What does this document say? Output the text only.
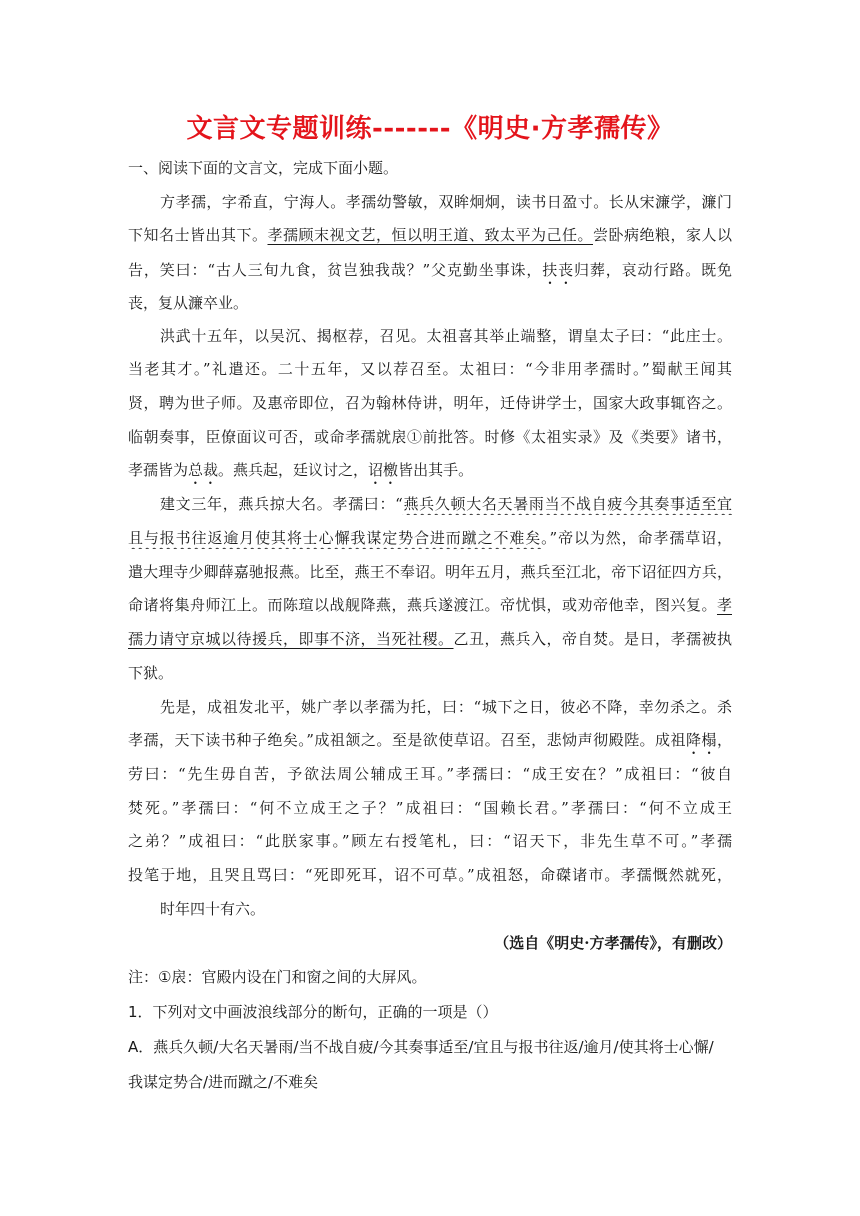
文言文专题训练-------《明史·方孝孺传》
一、阅读下面的文言文，完成下面小题。
方孝孺，字希直，宁海人。孝孺幼警敏，双眸炯炯，读书日盈寸。长从宋濂学，濂门
下知名士皆出其下。孝孺顾末视文艺，恒以明王道、致太平为己任。尝卧病绝粮，家人以
告，笑曰：“古人三旬九食，贫岂独我哉？”父克勤坐事诛，扶丧归葬，哀动行路。既免
丧，复从濂卒业。
洪武十五年，以吴沉、揭枢荐，召见。太祖喜其举止端整，谓皇太子曰：“此庄士。
当老其才。”礼遣还。二十五年，又以荐召至。太祖曰：“今非用孝孺时。”蜀献王闻其
贤，聘为世子师。及惠帝即位，召为翰林侍讲，明年，迁侍讲学士，国家大政事辄咨之。
临朝奏事，臣僚面议可否，或命孝孺就扆①前批答。时修《太祖实录》及《类要》诸书，
孝孺皆为总裁。燕兵起，廷议讨之，诏檄皆出其手。
建文三年，燕兵掠大名。孝孺曰：“燕兵久顿大名天暑雨当不战自疲今其奏事适至宜
且与报书往返逾月使其将士心懈我谋定势合进而蹴之不难矣。”帝以为然，命孝孺草诏，
遣大理寺少卿薛嘉驰报燕。比至，燕王不奉诏。明年五月，燕兵至江北，帝下诏征四方兵，
命诸将集舟师江上。而陈瑄以战舰降燕，燕兵遂渡江。帝忧惧，或劝帝他幸，图兴复。孝
孺力请守京城以待援兵，即事不济，当死社稷。乙丑，燕兵入，帝自焚。是日，孝孺被执
下狱。
先是，成祖发北平，姚广孝以孝孺为托，曰：“城下之日，彼必不降，幸勿杀之。杀
孝孺，天下读书种子绝矣。”成祖颔之。至是欲使草诏。召至，悲恸声彻殿陛。成祖降榻，
劳曰：“先生毋自苦，予欲法周公辅成王耳。”孝孺曰：“成王安在？”成祖曰：“彼自
焚死。”孝孺曰：“何不立成王之子？”成祖曰：“国赖长君。”孝孺曰：“何不立成王
之弟？”成祖曰：“此朕家事。”顾左右授笔札，曰：“诏天下，非先生草不可。”孝孺
投笔于地，且哭且骂曰：“死即死耳，诏不可草。”成祖怒，命磔诸市。孝孺慨然就死，
时年四十有六。
（选自《明史·方孝孺传》，有删改）
注：①扆：官殿内设在门和窗之间的大屏风。
1．下列对文中画波浪线部分的断句，正确的一项是（）
A．燕兵久顿/大名天暑雨/当不战自疲/今其奏事适至/宜且与报书往返/逾月/使其将士心懈/
我谋定势合/进而蹴之/不难矣
